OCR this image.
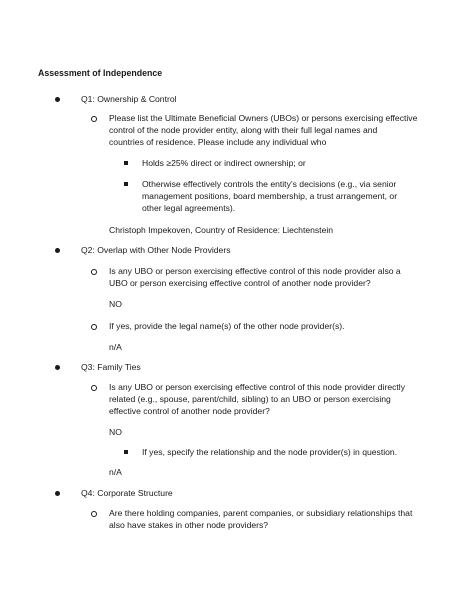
Assessment of Independence
Q1: Ownership & Control
Please list the Ultimate Beneficial Owners (UBOs) or persons exercising effective
control of the node provider entity, along with their full legal names and
countries of residence. Please include any individual who
Holds ≥25% direct or indirect ownership; or
Otherwise effectively controls the entity’s decisions (e.g., via senior
management positions, board membership, a trust arrangement, or
other legal agreements).
Christoph Impekoven, Country of Residence: Liechtenstein
Q2: Overlap with Other Node Providers
Is any UBO or person exercising effective control of this node provider also a
UBO or person exercising effective control of another node provider?
NO
If yes, provide the legal name(s) of the other node provider(s).
n/A
Q3: Family Ties
Is any UBO or person exercising effective control of this node provider directly
related (e.g., spouse, parent/child, sibling) to an UBO or person exercising
effective control of another node provider?
NO
If yes, specify the relationship and the node provider(s) in question.
n/A
Q4: Corporate Structure
Are there holding companies, parent companies, or subsidiary relationships that
also have stakes in other node providers?
